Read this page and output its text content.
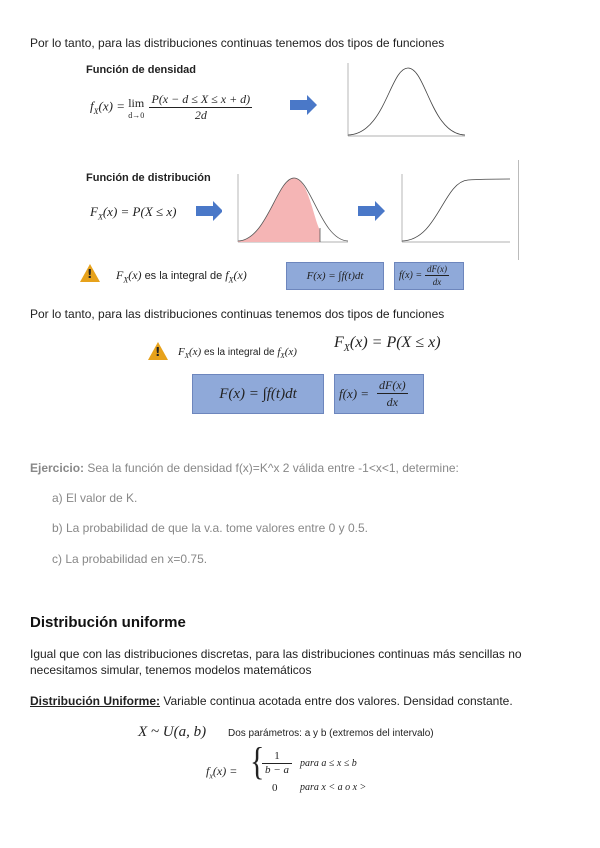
Por lo tanto, para las distribuciones continuas tenemos dos tipos de funciones
Función de densidad
$f_X(x) = \lim$
d→0
$\frac{P(x - d \le X \le x + d)}{2d}$
Función de distribución
$F_X(x) = P(X \le x)$
! $F_X(x)$ es la integral de $f_X(x)$	F(x) = ∫f(t)dt	$f(x) = \frac{dF(x)}{dx}$
Por lo tanto, para las distribuciones continuas tenemos dos tipos de funciones
! $F_X(x)$ es la integral de $f_X(x)$
$F_X(x) = P(X \le x)$
F(x) = ∫f(t)dt	$f(x) = \frac{dF(x)}{dx}$
Ejercicio: Sea la función de densidad f(x)=K^x 2 válida entre -1<x<1, determine:
a) El valor de K.
b) La probabilidad de que la v.a. tome valores entre 0 y 0.5.
c) La probabilidad en x=0.75.
Distribución uniforme
Igual que con las distribuciones discretas, para las distribuciones continuas más sencillas no necesitamos simular, tenemos modelos matemáticos
Distribución Uniforme: Variable continua acotada entre dos valores. Densidad constante.
X ~ U(a, b) Dos parámetros: a y b (extremos del intervalo)
$f_x(x)$ = { 1
b − a
para a ≤ x ≤ b
0 para x < a o x >
